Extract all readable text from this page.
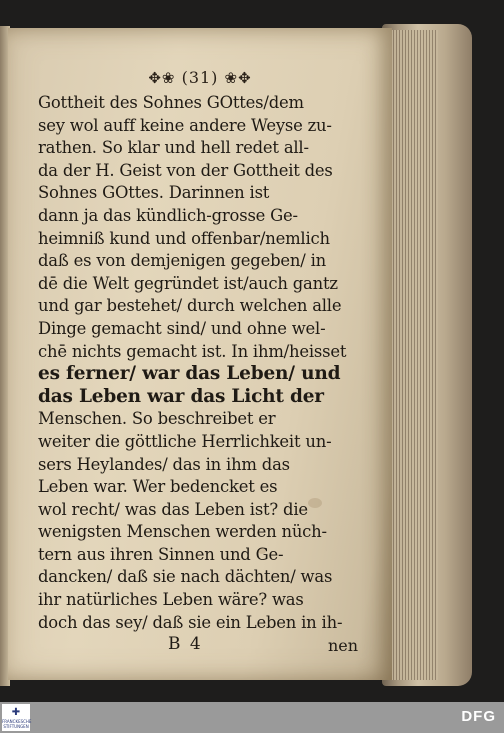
✥❀ (31) ❀✥
Gottheit des Sohnes GOttes/dem
sey wol auff keine andere Weyse zu-
rathen. So klar und hell redet all-
da der H. Geist von der Gottheit des
Sohnes GOttes. Darinnen ist
dann ja das kündlich-grosse Ge-
heimniß kund und offenbar/nemlich
daß es von demjenigen gegeben/ in
dē die Welt gegründet ist/auch gantz
und gar bestehet/ durch welchen alle
Dinge gemacht sind/ und ohne wel-
chē nichts gemacht ist. In ihm/heisset
es ferner/ war das Leben/ und
das Leben war das Licht der
Menschen. So beschreibet er
weiter die göttliche Herrlichkeit un-
sers Heylandes/ das in ihm das
Leben war. Wer bedencket es
wol recht/ was das Leben ist? die
wenigsten Menschen werden nüch-
tern aus ihren Sinnen und Ge-
dancken/ daß sie nach dächten/ was
ihr natürliches Leben wäre? was
doch das sey/ daß sie ein Leben in ih-
B 4	nen
✚
FRANCKESCHE STIFTUNGEN
DFG
